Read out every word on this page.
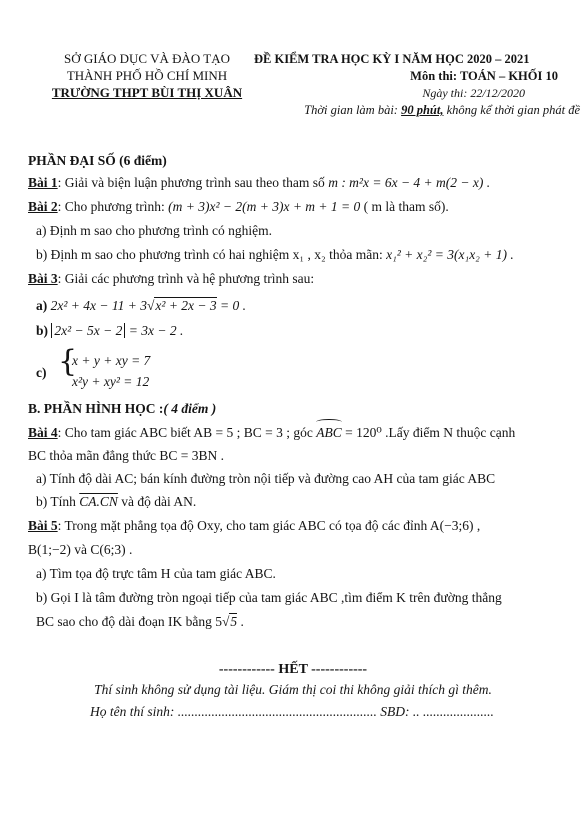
SỞ GIÁO DỤC VÀ ĐÀO TẠO
THÀNH PHỐ HỒ CHÍ MINH
TRƯỜNG THPT BÙI THỊ XUÂN
ĐỀ KIỂM TRA HỌC KỲ I NĂM HỌC 2020 – 2021
Môn thi: TOÁN – KHỐI 10
Ngày thi: 22/12/2020
Thời gian làm bài: 90 phút, không kể thời gian phát đề
PHẦN ĐẠI SỐ (6 điểm)
Bài 1: Giải và biện luận phương trình sau theo tham số m : m²x = 6x − 4 + m(2 − x) .
Bài 2: Cho phương trình: (m + 3)x² − 2(m + 3)x + m + 1 = 0 ( m là tham số).
a) Định m sao cho phương trình có nghiệm.
b) Định m sao cho phương trình có hai nghiệm x₁ , x₂ thỏa mãn: x₁² + x₂² = 3(x₁x₂ + 1) .
Bài 3: Giải các phương trình và hệ phương trình sau:
a) 2x² + 4x − 11 + 3√x² + 2x − 3 = 0 .
b) 2x² − 5x − 2 = 3x − 2 .
c) {
x + y + xy = 7
x²y + xy² = 12
B. PHẦN HÌNH HỌC :( 4 điểm )
Bài 4: Cho tam giác ABC biết AB = 5 ; BC = 3 ; góc ABC = 120⁰ .Lấy điểm N thuộc cạnh
BC thỏa mãn đẳng thức BC = 3BN .
a) Tính độ dài AC; bán kính đường tròn nội tiếp và đường cao AH của tam giác ABC
b) Tính CA.CN và độ dài AN.
Bài 5: Trong mặt phẳng tọa độ Oxy, cho tam giác ABC có tọa độ các đỉnh A(−3;6) ,
B(1;−2) và C(6;3) .
a) Tìm tọa độ trực tâm H của tam giác ABC.
b) Gọi I là tâm đường tròn ngoại tiếp của tam giác ABC ,tìm điểm K trên đường thẳng
BC sao cho độ dài đoạn IK bằng 5√5 .
------------ HẾT ------------
Thí sinh không sử dụng tài liệu. Giám thị coi thi không giải thích gì thêm.
Họ tên thí sinh: ........................................................... SBD: .. .....................
